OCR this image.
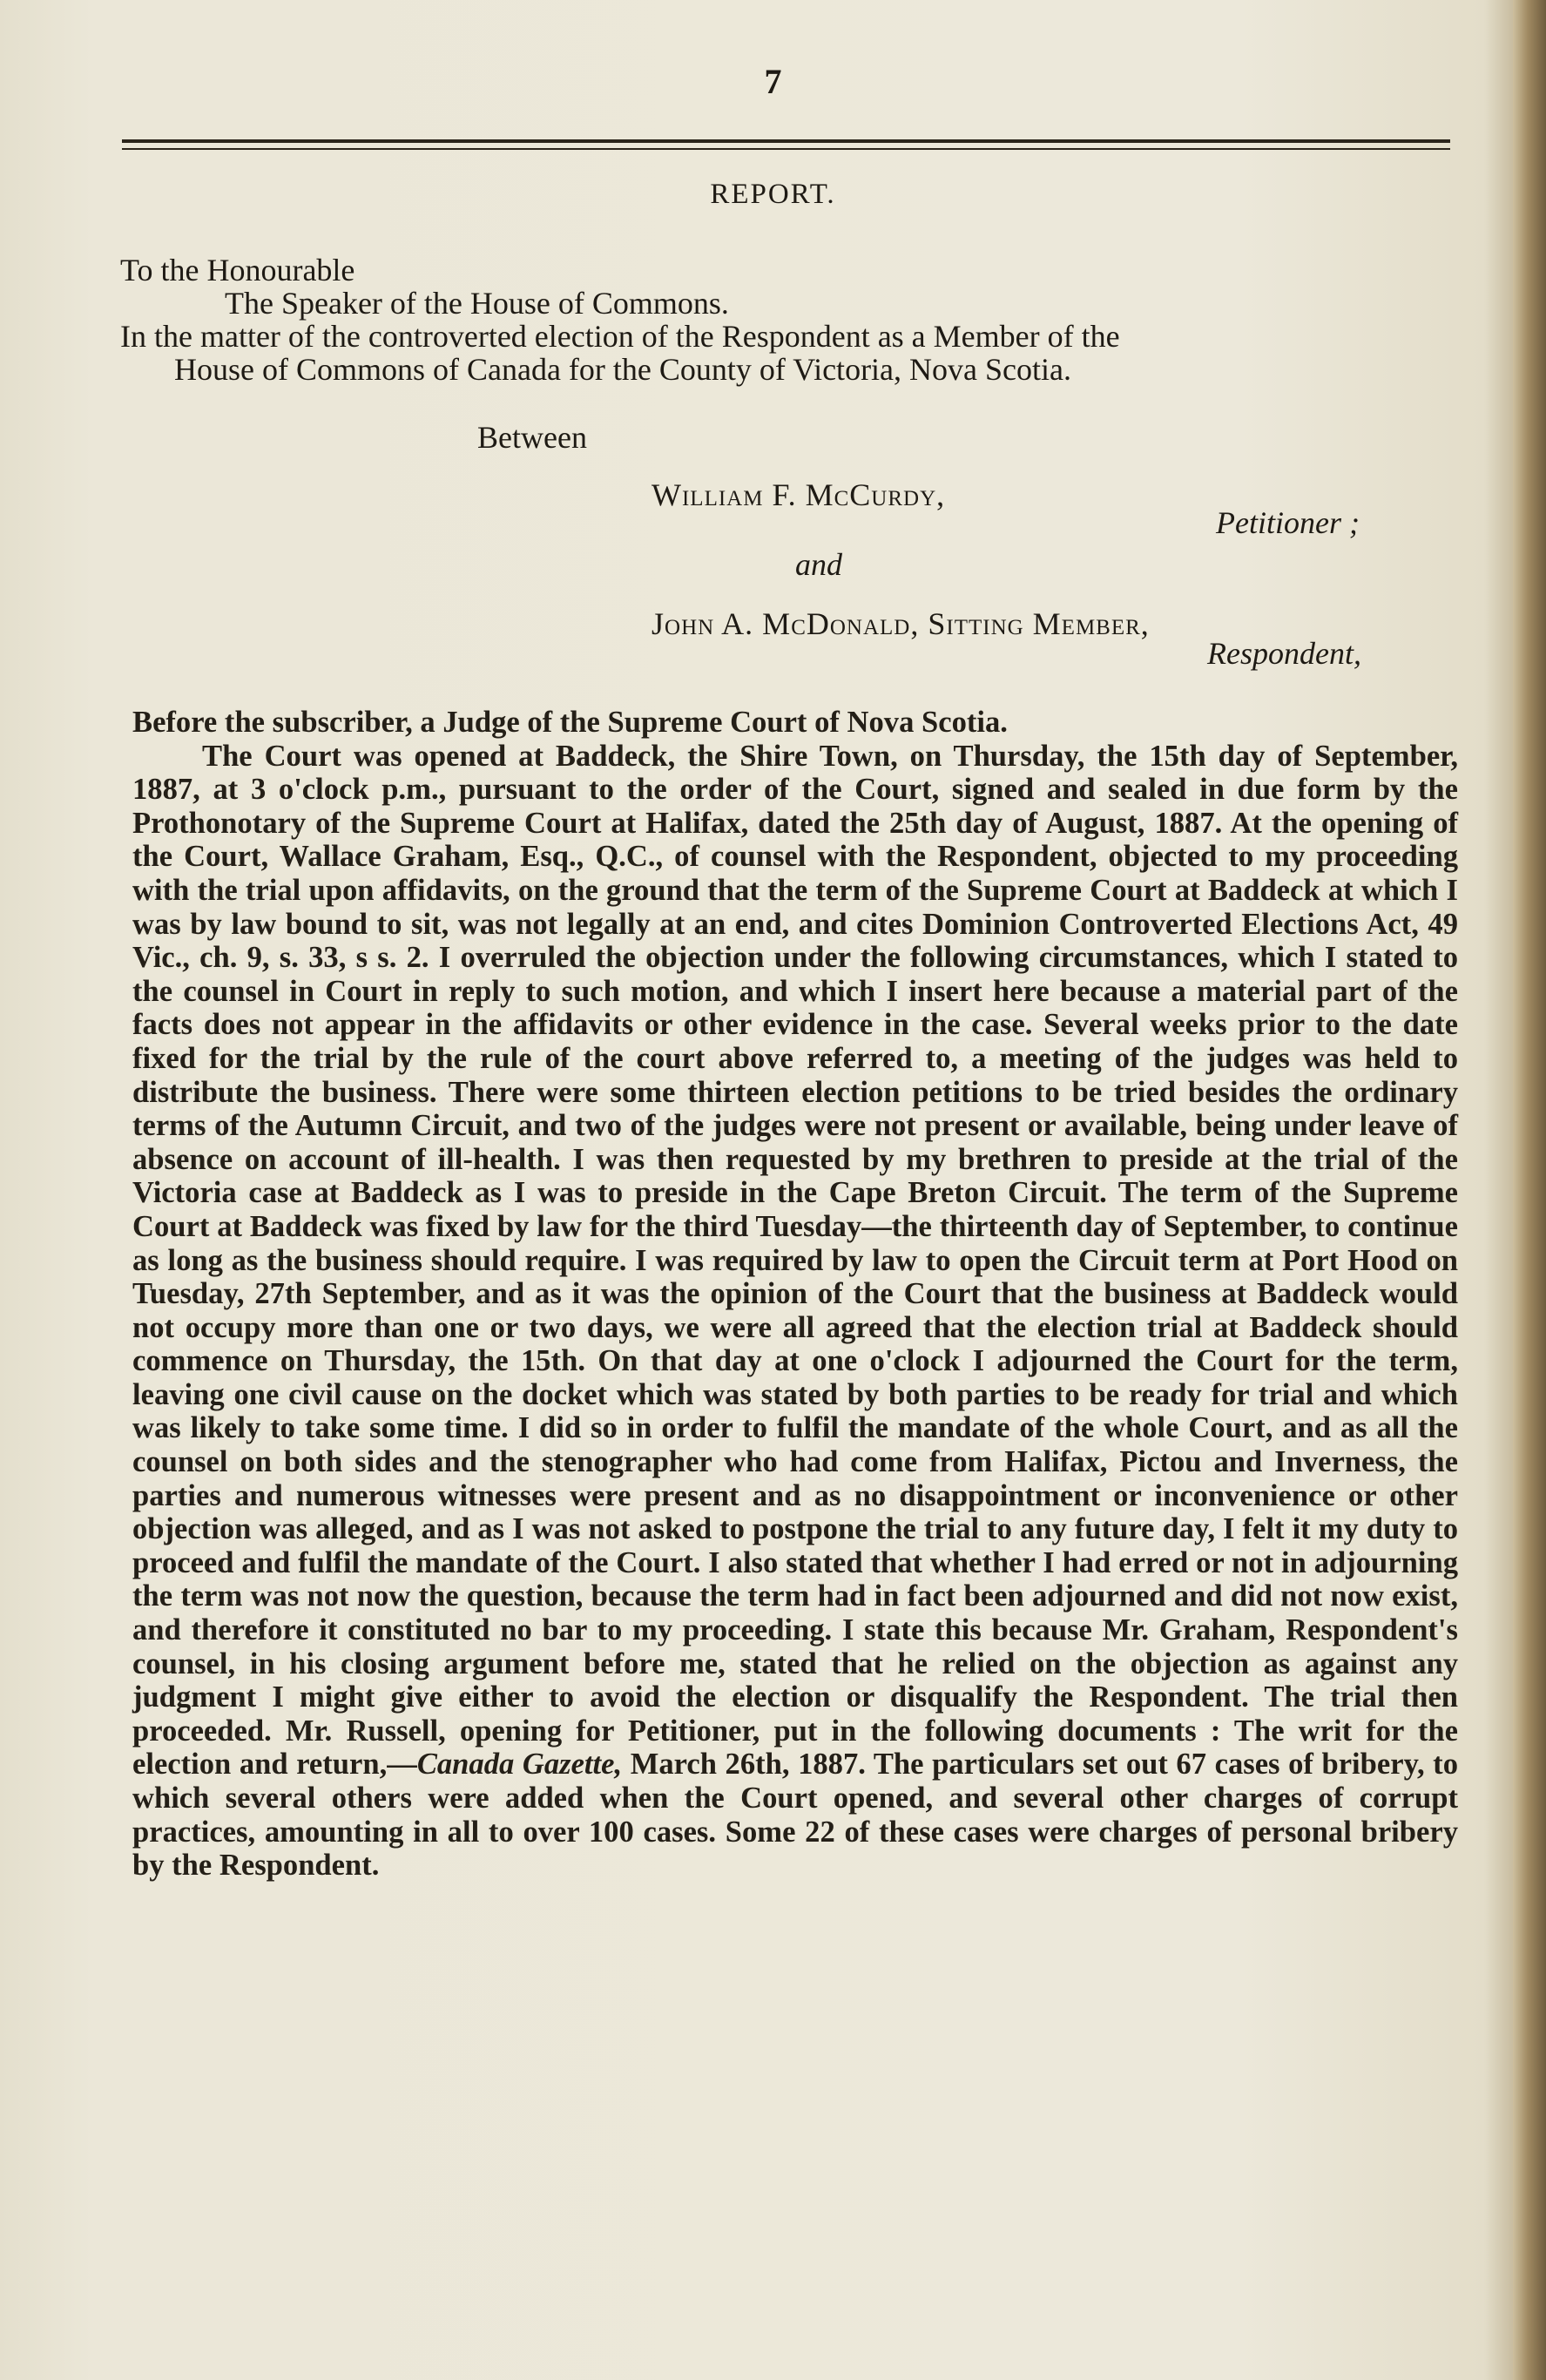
7
REPORT.
To the Honourable
The Speaker of the House of Commons.
In the matter of the controverted election of the Respondent as a Member of the
House of Commons of Canada for the County of Victoria, Nova Scotia.
Between
William F. McCurdy,
Petitioner ;
and
John A. McDonald, Sitting Member,
Respondent,

Before the subscriber, a Judge of the Supreme Court of Nova Scotia.

The Court was opened at Baddeck, the Shire Town, on Thursday, the 15th day of September, 1887, at 3 o'clock p.m., pursuant to the order of the Court, signed and sealed in due form by the Prothonotary of the Supreme Court at Halifax, dated the 25th day of August, 1887. At the opening of the Court, Wallace Graham, Esq., Q.C., of counsel with the Respondent, objected to my proceeding with the trial upon affidavits, on the ground that the term of the Supreme Court at Baddeck at which I was by law bound to sit, was not legally at an end, and cites Dominion Controverted Elections Act, 49 Vic., ch. 9, s. 33, s s. 2. I overruled the objection under the following circumstances, which I stated to the counsel in Court in reply to such motion, and which I insert here because a material part of the facts does not appear in the affidavits or other evidence in the case. Several weeks prior to the date fixed for the trial by the rule of the court above referred to, a meeting of the judges was held to distribute the business. There were some thirteen election petitions to be tried besides the ordinary terms of the Autumn Circuit, and two of the judges were not present or available, being under leave of absence on account of ill-health. I was then requested by my brethren to preside at the trial of the Victoria case at Baddeck as I was to preside in the Cape Breton Circuit. The term of the Supreme Court at Baddeck was fixed by law for the third Tuesday—the thirteenth day of September, to continue as long as the business should require. I was required by law to open the Circuit term at Port Hood on Tuesday, 27th September, and as it was the opinion of the Court that the business at Baddeck would not occupy more than one or two days, we were all agreed that the election trial at Baddeck should commence on Thursday, the 15th. On that day at one o'clock I adjourned the Court for the term, leaving one civil cause on the docket which was stated by both parties to be ready for trial and which was likely to take some time. I did so in order to fulfil the mandate of the whole Court, and as all the counsel on both sides and the stenographer who had come from Halifax, Pictou and Inverness, the parties and numerous witnesses were present and as no disappointment or inconvenience or other objection was alleged, and as I was not asked to postpone the trial to any future day, I felt it my duty to proceed and fulfil the mandate of the Court. I also stated that whether I had erred or not in adjourning the term was not now the question, because the term had in fact been adjourned and did not now exist, and therefore it constituted no bar to my proceeding. I state this because Mr. Graham, Respondent's counsel, in his closing argument before me, stated that he relied on the objection as against any judgment I might give either to avoid the election or disqualify the Respondent. The trial then proceeded. Mr. Russell, opening for Petitioner, put in the following documents : The writ for the election and return,—Canada Gazette, March 26th, 1887. The particulars set out 67 cases of bribery, to which several others were added when the Court opened, and several other charges of corrupt practices, amounting in all to over 100 cases. Some 22 of these cases were charges of personal bribery by the Respondent.
